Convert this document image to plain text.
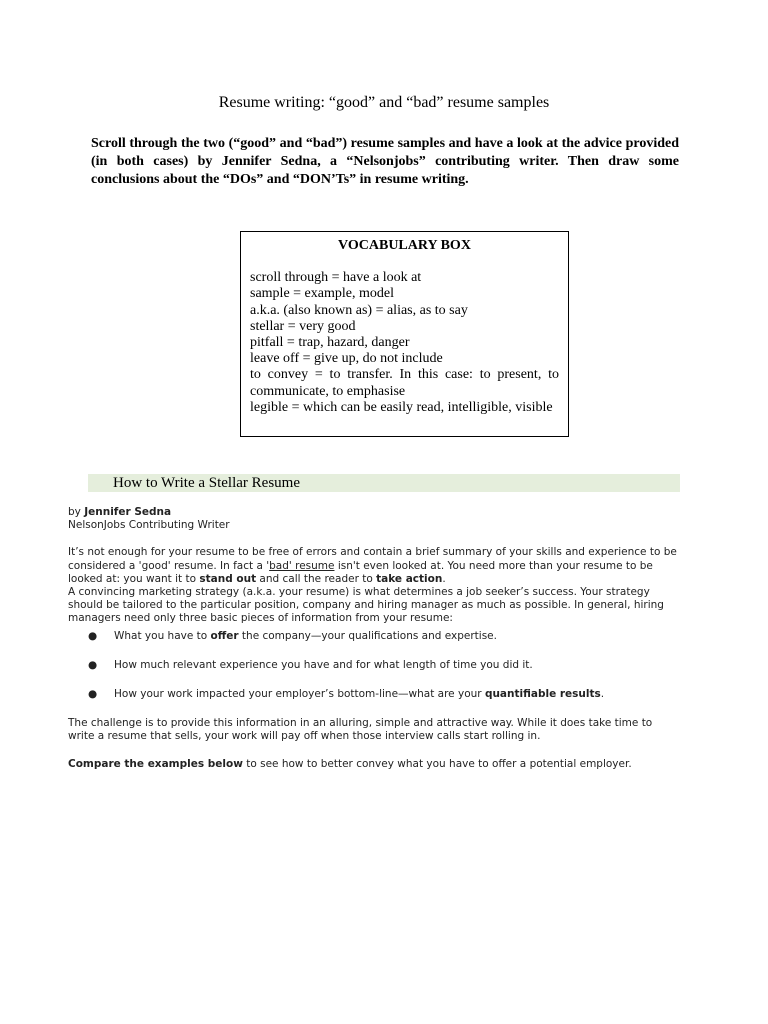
Resume writing: “good” and “bad” resume samples
Scroll through the two (“good” and “bad”) resume samples and have a look at the advice provided (in both cases) by Jennifer Sedna, a “Nelsonjobs” contributing writer. Then draw some conclusions about the “DOs” and “DON’Ts” in resume writing.
VOCABULARY BOX
scroll through = have a look at
sample = example, model
a.k.a. (also known as) = alias, as to say
stellar = very good
pitfall = trap, hazard, danger
leave off = give up, do not include
to convey = to transfer. In this case: to present, to communicate, to emphasise
legible = which can be easily read, intelligible, visible
How to Write a Stellar Resume

by Jennifer Sedna

NelsonJobs Contributing Writer

It’s not enough for your resume to be free of errors and contain a brief summary of your skills and experience to be considered a 'good' resume. In fact a 'bad' resume isn't even looked at. You need more than your resume to be looked at: you want it to stand out and call the reader to take action.

A convincing marketing strategy (a.k.a. your resume) is what determines a job seeker’s success. Your strategy should be tailored to the particular position, company and hiring manager as much as possible. In general, hiring managers need only three basic pieces of information from your resume:

● What you have to offer the company—your qualifications and expertise.
● How much relevant experience you have and for what length of time you did it.
● How your work impacted your employer’s bottom-line—what are your quantifiable results.

The challenge is to provide this information in an alluring, simple and attractive way. While it does take time to write a resume that sells, your work will pay off when those interview calls start rolling in.

Compare the examples below to see how to better convey what you have to offer a potential employer.
